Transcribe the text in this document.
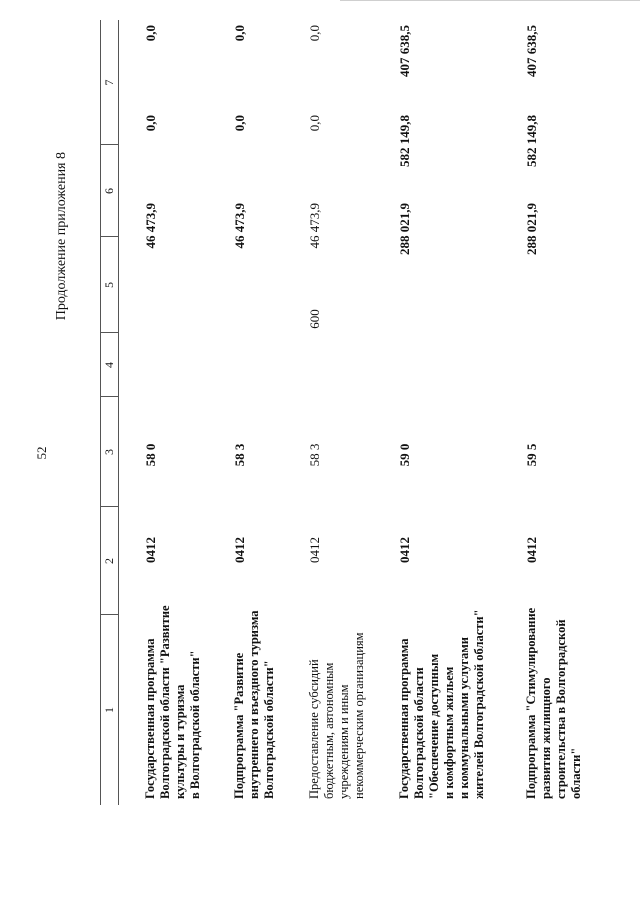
52
Продолжение приложения 8
1
2
3
4
5
6
7
Государственная программа Волгоградской области "Развитие культуры и туризма в Волгоградской области"
0412
58 0
46 473,9
0,0
0,0
Подпрограмма "Развитие внутреннего и въездного туризма Волгоградской области"
0412
58 3
46 473,9
0,0
0,0
Предоставление субсидий бюджетным, автономным учреждениям и иным некоммерческим организациям
0412
58 3
600
46 473,9
0,0
0,0
Государственная программа Волгоградской области "Обеспечение доступным и комфортным жильем и коммунальными услугами жителей Волгоградской области"
0412
59 0
288 021,9
582 149,8
407 638,5
Подпрограмма "Стимулирование развития жилищного строительства в Волгоградской области"
0412
59 5
288 021,9
582 149,8
407 638,5
